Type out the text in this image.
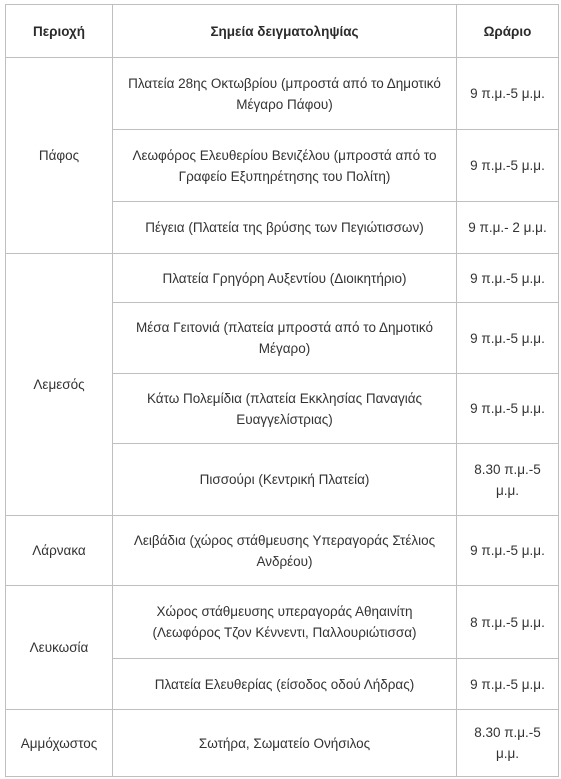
Περιοχή	Σημεία δειγματοληψίας	Ωράριο
Πάφος	Πλατεία 28ης Οκτωβρίου (μπροστά από το Δημοτικό Μέγαρο Πάφου)	9 π.μ.-5 μ.μ.
	Λεωφόρος Ελευθερίου Βενιζέλου (μπροστά από το Γραφείο Εξυπηρέτησης του Πολίτη)	9 π.μ.-5 μ.μ.
	Πέγεια (Πλατεία της βρύσης των Πεγιώτισσων)	9 π.μ.- 2 μ.μ.
Λεμεσός	Πλατεία Γρηγόρη Αυξεντίου (Διοικητήριο)	9 π.μ.-5 μ.μ.
	Μέσα Γειτονιά (πλατεία μπροστά από το Δημοτικό Μέγαρο)	9 π.μ.-5 μ.μ.
	Κάτω Πολεμίδια (πλατεία Εκκλησίας Παναγιάς Ευαγγελίστριας)	9 π.μ.-5 μ.μ.
	Πισσούρι (Κεντρική Πλατεία)	8.30 π.μ.-5 μ.μ.
Λάρνακα	Λειβάδια (χώρος στάθμευσης Υπεραγοράς Στέλιος Ανδρέου)	9 π.μ.-5 μ.μ.
Λευκωσία	Χώρος στάθμευσης υπεραγοράς Αθηαινίτη (Λεωφόρος Τζον Κέννεντι, Παλλουριώτισσα)	8 π.μ.-5 μ.μ.
	Πλατεία Ελευθερίας (είσοδος οδού Λήδρας)	9 π.μ.-5 μ.μ.
Αμμόχωστος	Σωτήρα, Σωματείο Ονήσιλος	8.30 π.μ.-5 μ.μ.
